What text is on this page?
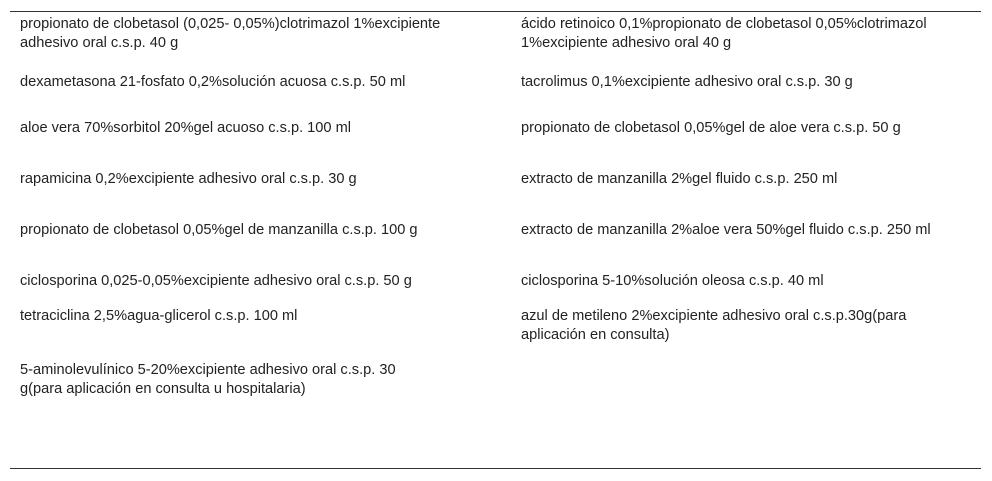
propionato de clobetasol (0,025- 0,05%)clotrimazol 1%excipiente adhesivo oral c.s.p. 40 g	ácido retinoico 0,1%propionato de clobetasol 0,05%clotrimazol 1%excipiente adhesivo oral 40 g

dexametasona 21-fosfato 0,2%solución acuosa c.s.p. 50 ml	tacrolimus 0,1%excipiente adhesivo oral c.s.p. 30 g

aloe vera 70%sorbitol 20%gel acuoso c.s.p. 100 ml	propionato de clobetasol 0,05%gel de aloe vera c.s.p. 50 g

rapamicina 0,2%excipiente adhesivo oral c.s.p. 30 g	extracto de manzanilla 2%gel fluido c.s.p. 250 ml

propionato de clobetasol 0,05%gel de manzanilla c.s.p. 100 g	extracto de manzanilla 2%aloe vera 50%gel fluido c.s.p. 250 ml

ciclosporina 0,025-0,05%excipiente adhesivo oral c.s.p. 50 g	ciclosporina 5-10%solución oleosa c.s.p. 40 ml

tetraciclina 2,5%agua-glicerol c.s.p. 100 ml	azul de metileno 2%excipiente adhesivo oral c.s.p.30g(para aplicación en consulta)

5-aminolevulínico 5-20%excipiente adhesivo oral c.s.p. 30 g(para aplicación en consulta u hospitalaria)	
